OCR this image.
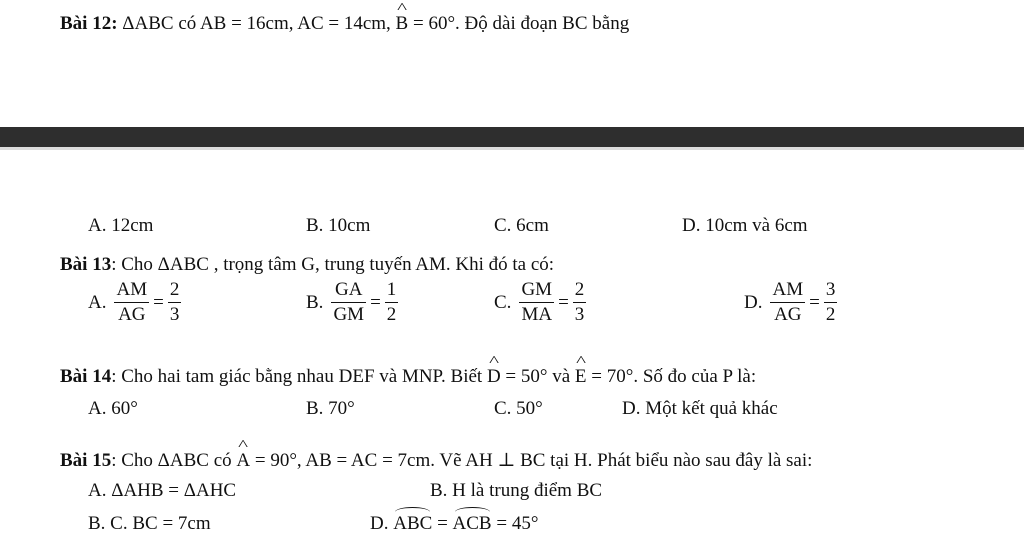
Bài 12: ΔABC có AB = 16cm, AC = 14cm, ^ B = 60°. Độ dài đoạn BC bằng
A. 12cm	B. 10cm	C. 6cm	D. 10cm và 6cm
Bài 13: Cho ΔABC , trọng tâm G, trung tuyến AM. Khi đó ta có:
A. $\frac{AM}{AG} = \frac{2}{3}$	B. $\frac{GA}{GM} = \frac{1}{2}$	C. $\frac{GM}{MA} = \frac{2}{3}$	D. $\frac{AM}{AG} = \frac{3}{2}$
Bài 14: Cho hai tam giác bằng nhau DEF và MNP. Biết ^ D = 50° và ^ E = 70°. Số đo của P là:
A. 60°	B. 70°	C. 50°	D. Một kết quả khác
Bài 15: Cho ΔABC có ^ A = 90°, AB = AC = 7cm. Vẽ AH ⊥ BC tại H. Phát biểu nào sau đây là sai:
A. ΔAHB = ΔAHC	B. H là trung điểm BC
B. C. BC = 7cm	D. ABC = ACB = 45°
